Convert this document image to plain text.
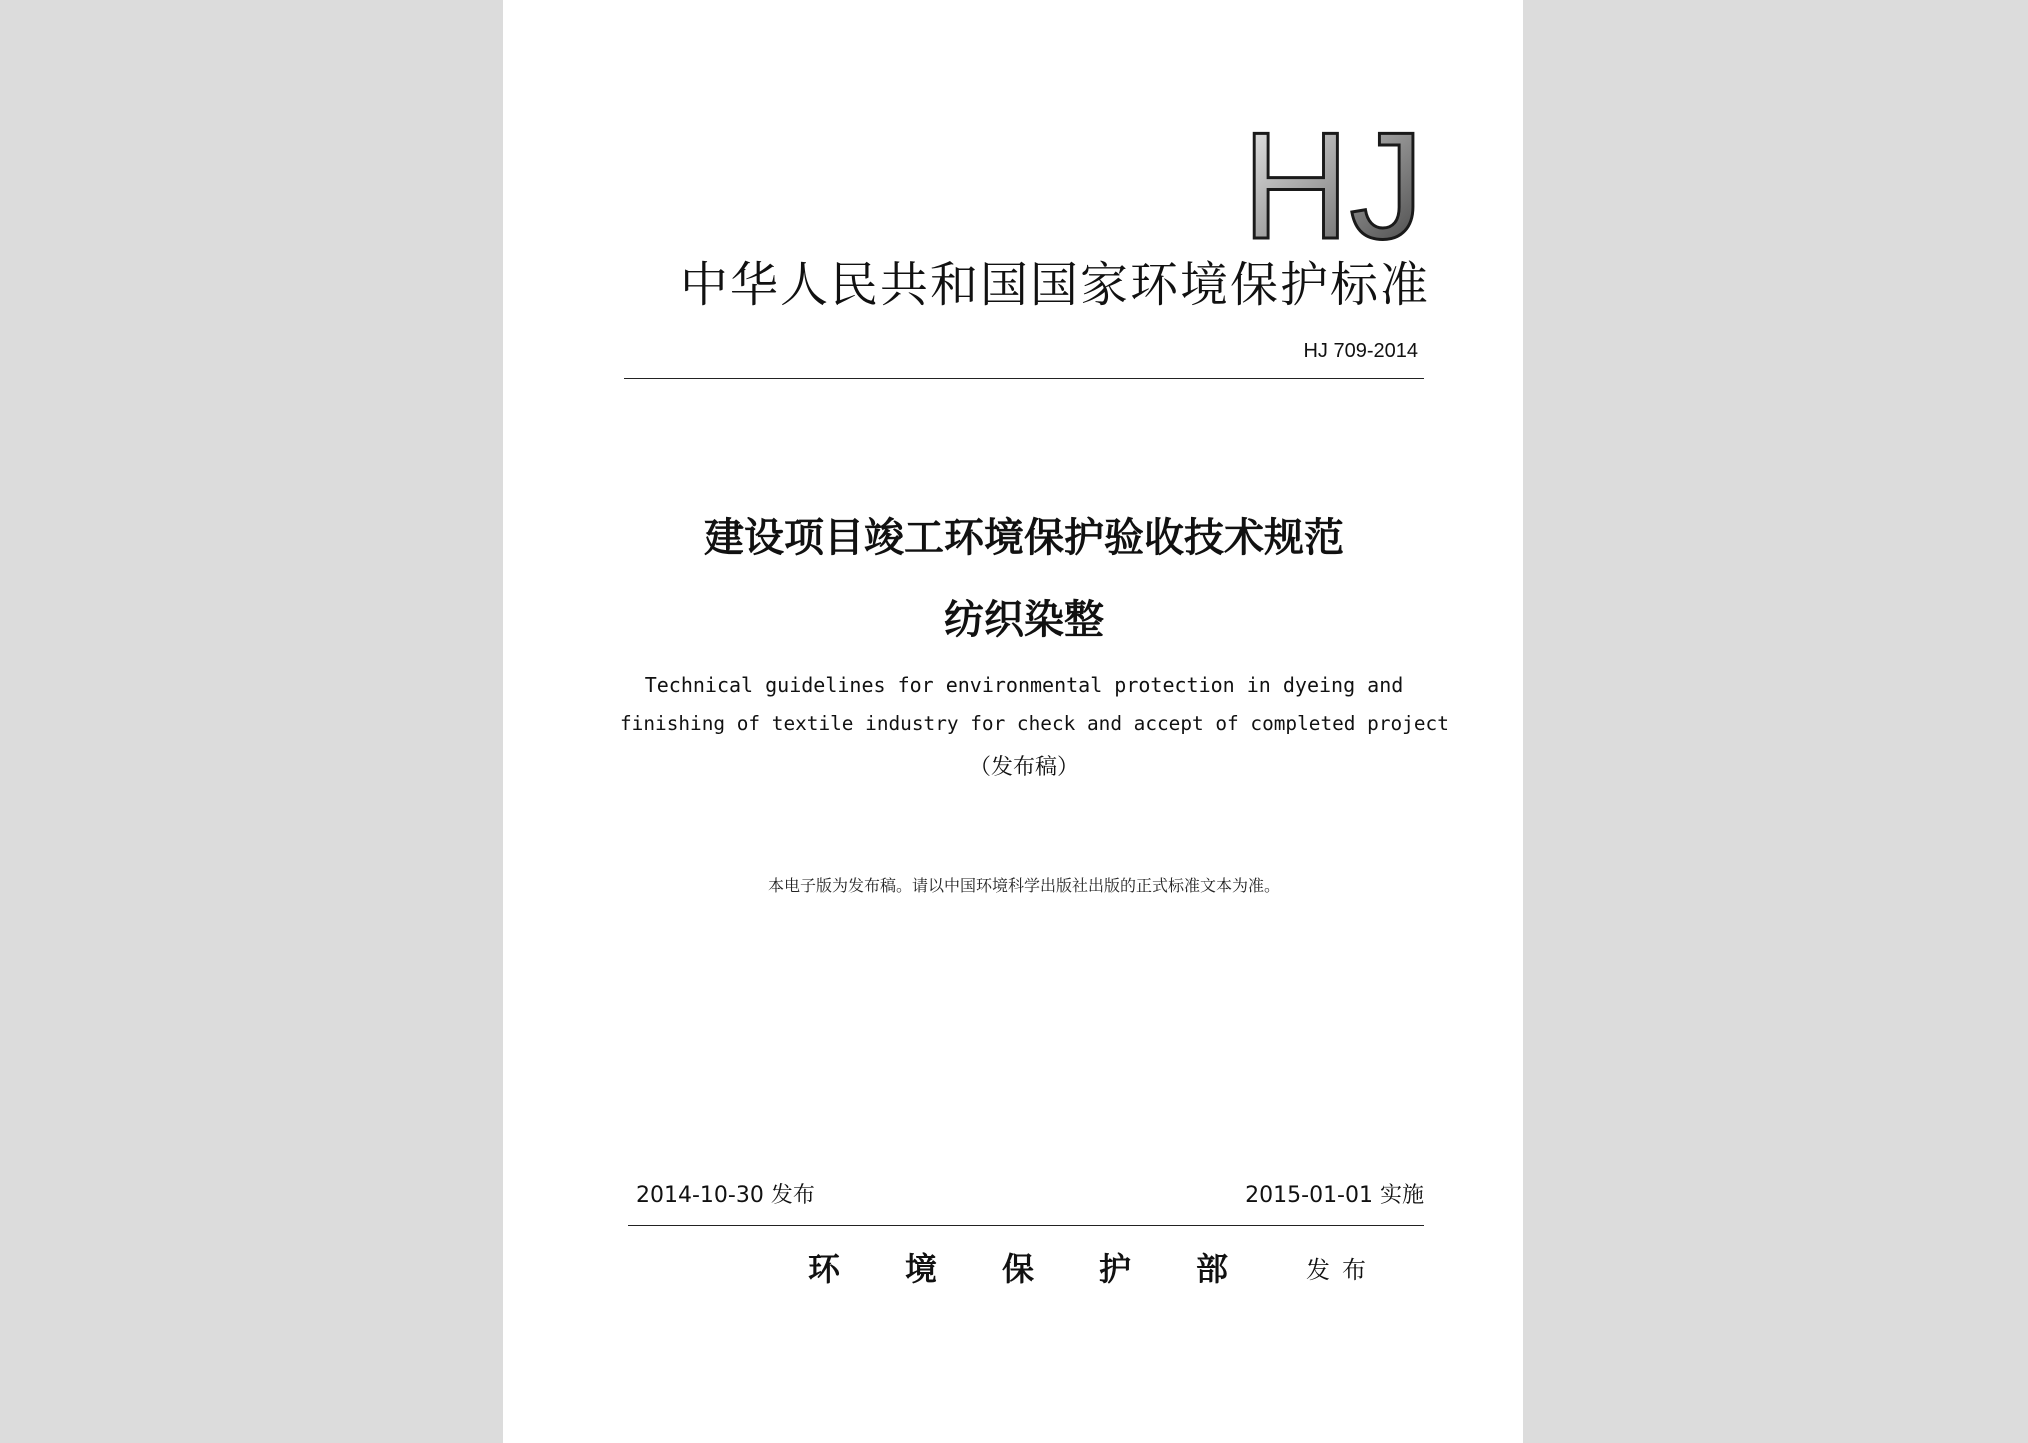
HJ
中华人民共和国国家环境保护标准
HJ 709-2014
建设项目竣工环境保护验收技术规范
纺织染整
Technical guidelines for environmental protection in dyeing and
finishing of textile industry for check and accept of completed project
（发布稿）
本电子版为发布稿。请以中国环境科学出版社出版的正式标准文本为准。
2014-10-30 发布	2015-01-01 实施
环 境 保 护 部	发布
